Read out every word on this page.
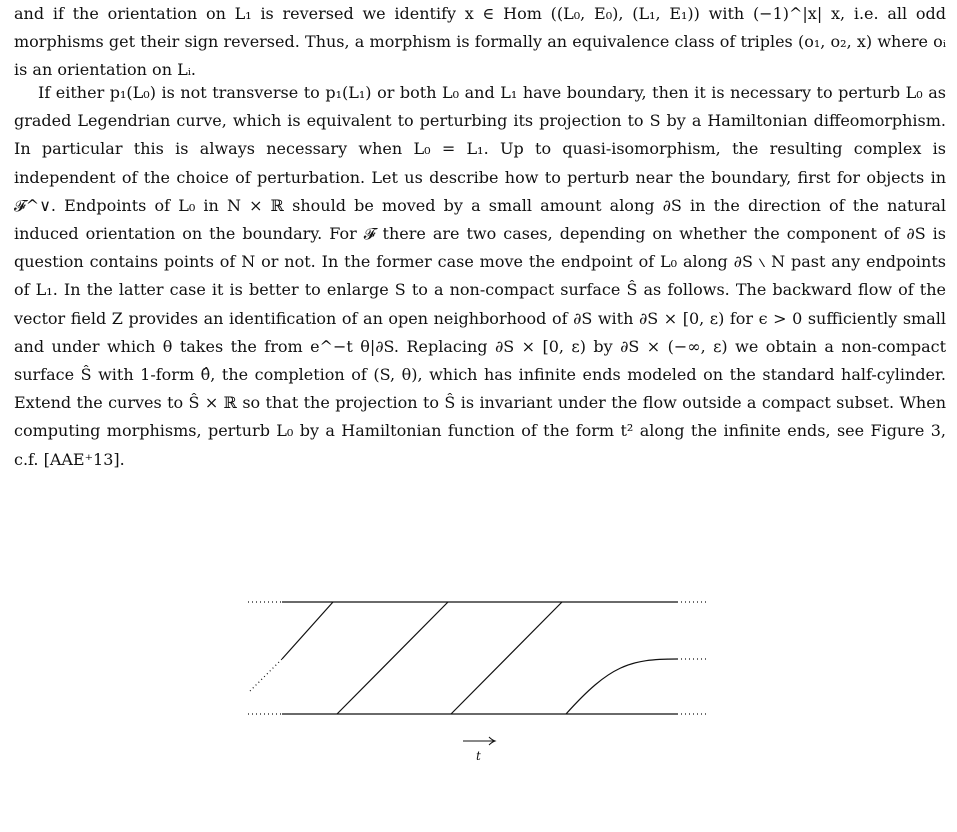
and if the orientation on L₁ is reversed we identify x ∈ Hom ((L₀, E₀), (L₁, E₁)) with (−1)^|x| x, i.e. all odd morphisms get their sign reversed. Thus, a morphism is formally an equivalence class of triples (o₁, o₂, x) where oᵢ is an orientation on Lᵢ.

If either p₁(L₀) is not transverse to p₁(L₁) or both L₀ and L₁ have boundary, then it is necessary to perturb L₀ as graded Legendrian curve, which is equivalent to perturbing its projection to S by a Hamiltonian diffeomorphism. In particular this is always necessary when L₀ = L₁. Up to quasi-isomorphism, the resulting complex is independent of the choice of perturbation. Let us describe how to perturb near the boundary, first for objects in 𝓕^∨. Endpoints of L₀ in N × ℝ should be moved by a small amount along ∂S in the direction of the natural induced orientation on the boundary. For 𝓕 there are two cases, depending on whether the component of ∂S is question contains points of N or not. In the former case move the endpoint of L₀ along ∂S ∖ N past any endpoints of L₁. In the latter case it is better to enlarge S to a non-compact surface Ŝ as follows. The backward flow of the vector field Z provides an identification of an open neighborhood of ∂S with ∂S × [0, ε) for ϵ > 0 sufficiently small and under which θ takes the from e^−t θ|∂S. Replacing ∂S × [0, ε) by ∂S × (−∞, ε) we obtain a non-compact surface Ŝ with 1-form θ̂, the completion of (S, θ), which has infinite ends modeled on the standard half-cylinder. Extend the curves to Ŝ × ℝ so that the projection to Ŝ is invariant under the flow outside a compact subset. When computing morphisms, perturb L₀ by a Hamiltonian function of the form t² along the infinite ends, see Figure 3, c.f. [AAE⁺13].

t
